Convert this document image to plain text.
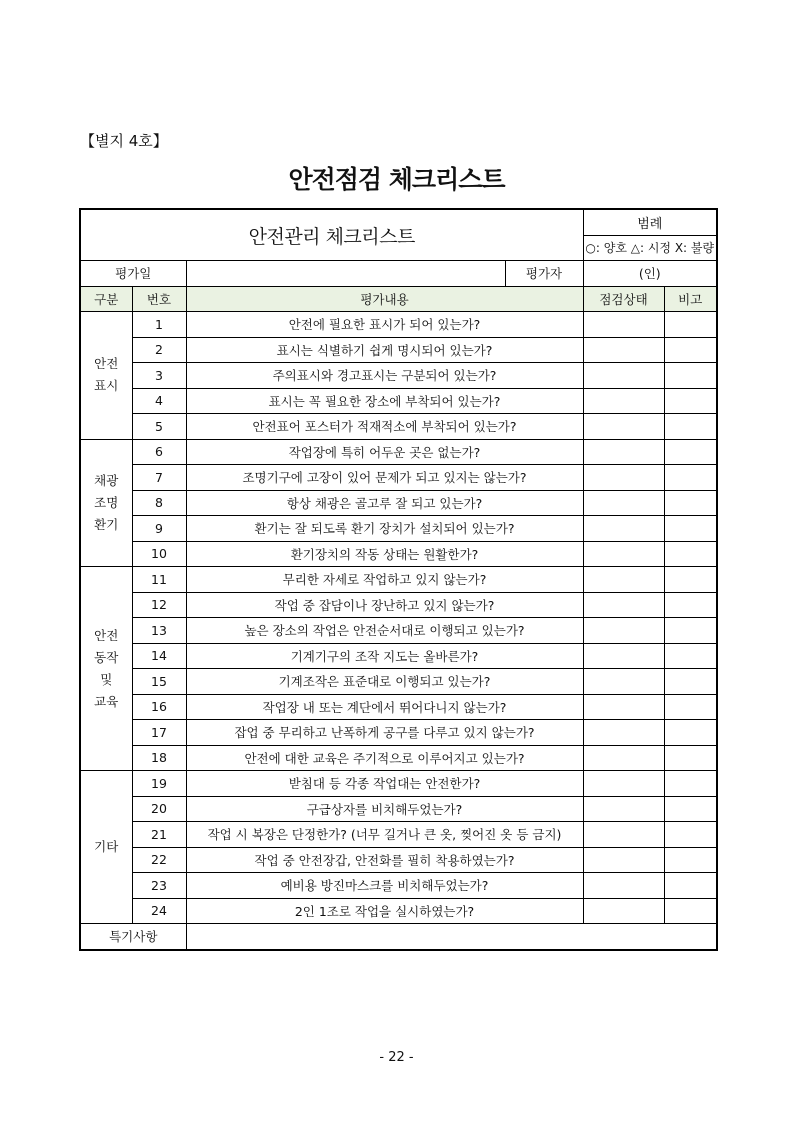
【별지 4호】
안전점검 체크리스트
안전관리 체크리스트				범례	
				○: 양호 △: 시정 X: 불량	
평가일			평가자	(인)	
구분	번호	평가내용		점검상태	비고
안전
표시	1	안전에 필요한 표시가 되어 있는가?			
	2	표시는 식별하기 쉽게 명시되어 있는가?			
	3	주의표시와 경고표시는 구분되어 있는가?			
	4	표시는 꼭 필요한 장소에 부착되어 있는가?			
	5	안전표어 포스터가 적재적소에 부착되어 있는가?			
채광
조명
환기	6	작업장에 특히 어두운 곳은 없는가?			
	7	조명기구에 고장이 있어 문제가 되고 있지는 않는가?			
	8	항상 채광은 골고루 잘 되고 있는가?			
	9	환기는 잘 되도록 환기 장치가 설치되어 있는가?			
	10	환기장치의 작동 상태는 원활한가?			
안전
동작
및
교육	11	무리한 자세로 작업하고 있지 않는가?			
	12	작업 중 잡담이나 장난하고 있지 않는가?			
	13	높은 장소의 작업은 안전순서대로 이행되고 있는가?			
	14	기계기구의 조작 지도는 올바른가?			
	15	기계조작은 표준대로 이행되고 있는가?			
	16	작업장 내 또는 계단에서 뛰어다니지 않는가?			
	17	잡업 중 무리하고 난폭하게 공구를 다루고 있지 않는가?			
	18	안전에 대한 교육은 주기적으로 이루어지고 있는가?			
기타	19	받침대 등 각종 작업대는 안전한가?			
	20	구급상자를 비치해두었는가?			
	21	작업 시 복장은 단정한가? (너무 길거나 큰 옷, 찢어진 옷 등 금지)			
	22	작업 중 안전장갑, 안전화를 필히 착용하였는가?			
	23	예비용 방진마스크를 비치해두었는가?			
	24	2인 1조로 작업을 실시하였는가?			
특기사항					
- 22 -
